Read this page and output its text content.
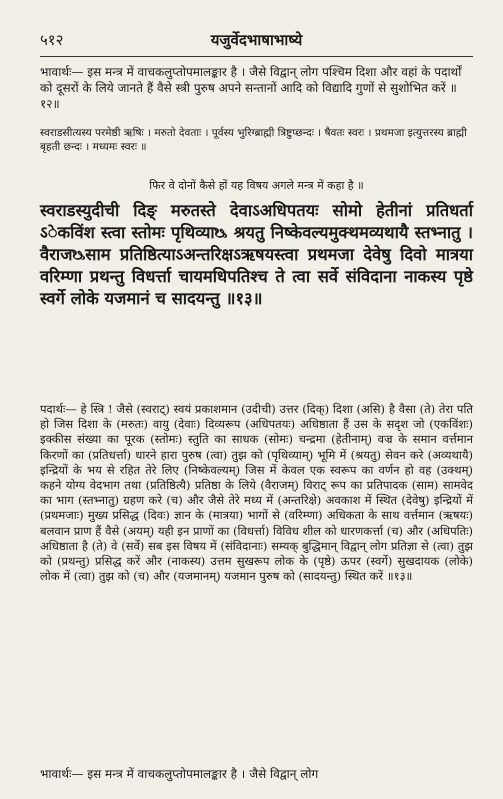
५१२	यजुर्वेदभाषाभाष्ये
भावार्थः— इस मन्त्र में वाचकलुप्तोपमालङ्कार है । जैसे विद्वान् लोग पश्चिम दिशा और वहां के पदार्थों को दूसरों के लिये जानते हैं वैसे स्त्री पुरुष अपने सन्तानों आदि को विद्यादि गुणों से सुशोभित करें ॥१२॥
स्वराडसीत्यस्य परमेष्ठी ऋषिः । मरुतो देवताः । पूर्वस्य भुरिग्ब्राह्मी त्रिष्टुप्छन्दः । षैवतः स्वरः । प्रथमजा इत्युत्तरस्य ब्राह्मी बृहती छन्दः । मध्यमः स्वरः ॥
फिर वे दोनों कैसे हों यह विषय अगले मन्त्र में कहा है ॥
स्वराडस्युदीची दिङ् मरुतस्ते देवाऽअधिपतयः सोमो हेतीनां प्रतिधर्ता ऽेकविंश स्त्वा स्तोमः पृथिव्याᳬ श्रयतु निष्केवल्यमुक्थमव्यथायै स्तभ्नातु । वैराजᳬसाम प्रतिष्ठित्याऽअन्तरिक्षऽऋषयस्त्वा प्रथमजा देवेषु दिवो मात्रया वरिम्णा प्रथन्तु विधर्त्ता चायमधिपतिश्च ते त्वा सर्वे संविदाना नाकस्य पृष्ठे स्वर्गे लोके यजमानं च सादयन्तु ॥१३॥
पदार्थः— हे स्त्रि ! जैसे (स्वराट्) स्वयं प्रकाशमान (उदीची) उत्तर (दिक्) दिशा (असि) है वैसा (ते) तेरा पति हो जिस दिशा के (मरुतः) वायु (देवाः) दिव्यरूप (अधिपतयः) अधिष्ठाता हैं उस के सदृश जो (एकविंशः) इक्कीस संख्या का पूरक (स्तोमः) स्तुति का साधक (सोमः) चन्द्रमा (हेतीनाम्) वज्र के समान वर्त्तमान किरणों का (प्रतिधर्त्ता) धारने हारा पुरुष (त्वा) तुझ को (पृथिव्याम्) भूमि में (श्रयतु) सेवन करे (अव्यथायै) इन्द्रियों के भय से रहित तेरे लिए (निष्केवल्यम्) जिस में केवल एक स्वरूप का वर्णन हो वह (उक्थम्) कहने योग्य वेदभाग तथा (प्रतिष्ठित्यै) प्रतिष्ठा के लिये (वैराजम्) विराट् रूप का प्रतिपादक (साम) सामवेद का भाग (स्तभ्नातु) ग्रहण करे (च) और जैसे तेरे मध्य में (अन्तरिक्षे) अवकाश में स्थित (देवेषु) इन्द्रियों में (प्रथमजाः) मुख्य प्रसिद्ध (दिवः) ज्ञान के (मात्रया) भागों से (वरिम्णा) अधिकता के साथ वर्त्तमान (ऋषयः) बलवान प्राण हैं वैसे (अयम्) यही इन प्राणों का (विधर्त्ता) विविध शील को धारणकर्त्ता (च) और (अधिपतिः) अधिष्ठाता है (ते) वे (सर्वे) सब इस विषय में (संविदानाः) सम्यक् बुद्धिमान् विद्वान् लोग प्रतिज्ञा से (त्वा) तुझ को (प्रथन्तु) प्रसिद्ध करें और (नाकस्य) उत्तम सुखरूप लोक के (पृष्ठे) ऊपर (स्वर्गे) सुखदायक (लोके) लोक में (त्वा) तुझ को (च) और (यजमानम्) यजमान पुरुष को (सादयन्तु) स्थित करें ॥१३॥
भावार्थः— इस मन्त्र में वाचकलुप्तोपमालङ्कार है । जैसे विद्वान् लोग
